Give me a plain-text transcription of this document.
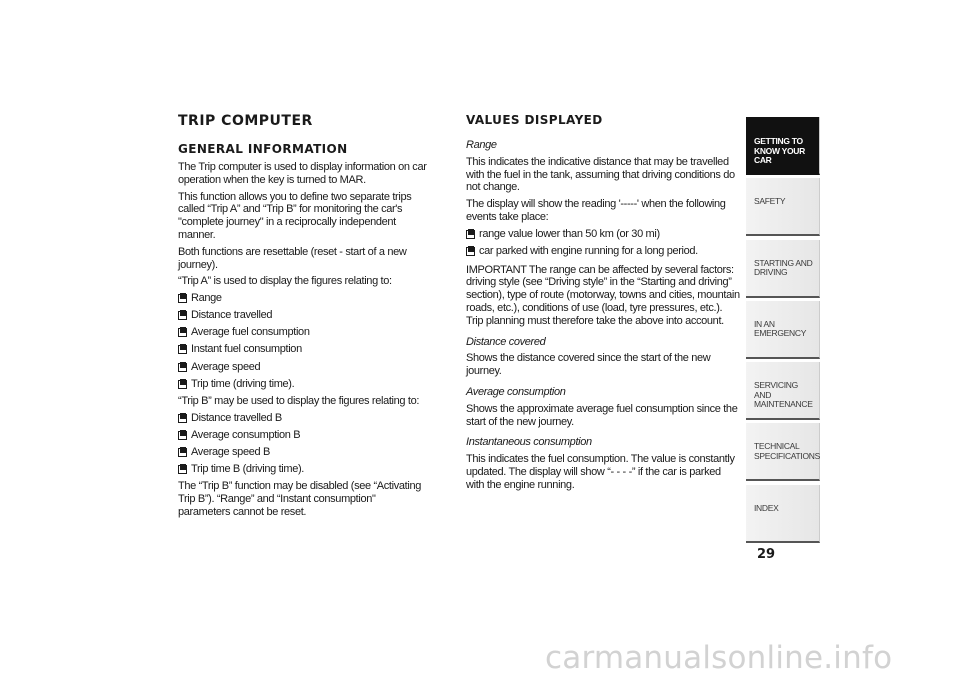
TRIP COMPUTER
GENERAL INFORMATION
The Trip computer is used to display information on car operation when the key is turned to MAR.
This function allows you to define two separate trips called “Trip A” and “Trip B” for monitoring the car's "complete journey" in a reciprocally independent manner.
Both functions are resettable (reset - start of a new journey).
“Trip A” is used to display the figures relating to:
Range
Distance travelled
Average fuel consumption
Instant fuel consumption
Average speed
Trip time (driving time).
“Trip B” may be used to display the figures relating to:
Distance travelled B
Average consumption B
Average speed B
Trip time B (driving time).
The “Trip B” function may be disabled (see “Activating Trip B”). “Range” and “Instant consumption" parameters cannot be reset.
VALUES DISPLAYED
Range
This indicates the indicative distance that may be travelled with the fuel in the tank, assuming that driving conditions do not change.
The display will show the reading '-----' when the following events take place:
range value lower than 50 km (or 30 mi)
car parked with engine running for a long period.
IMPORTANT The range can be affected by several factors: driving style (see “Driving style” in the “Starting and driving” section), type of route (motorway, towns and cities, mountain roads, etc.), conditions of use (load, tyre pressures, etc.). Trip planning must therefore take the above into account.
Distance covered
Shows the distance covered since the start of the new journey.
Average consumption
Shows the approximate average fuel consumption since the start of the new journey.
Instantaneous consumption
This indicates the fuel consumption. The value is constantly updated. The display will show “- - - -” if the car is parked with the engine running.
GETTING TO KNOW YOUR CAR
SAFETY
STARTING AND DRIVING
IN AN EMERGENCY
SERVICING AND MAINTENANCE
TECHNICAL SPECIFICATIONS
INDEX
29
carmanualsonline.info
